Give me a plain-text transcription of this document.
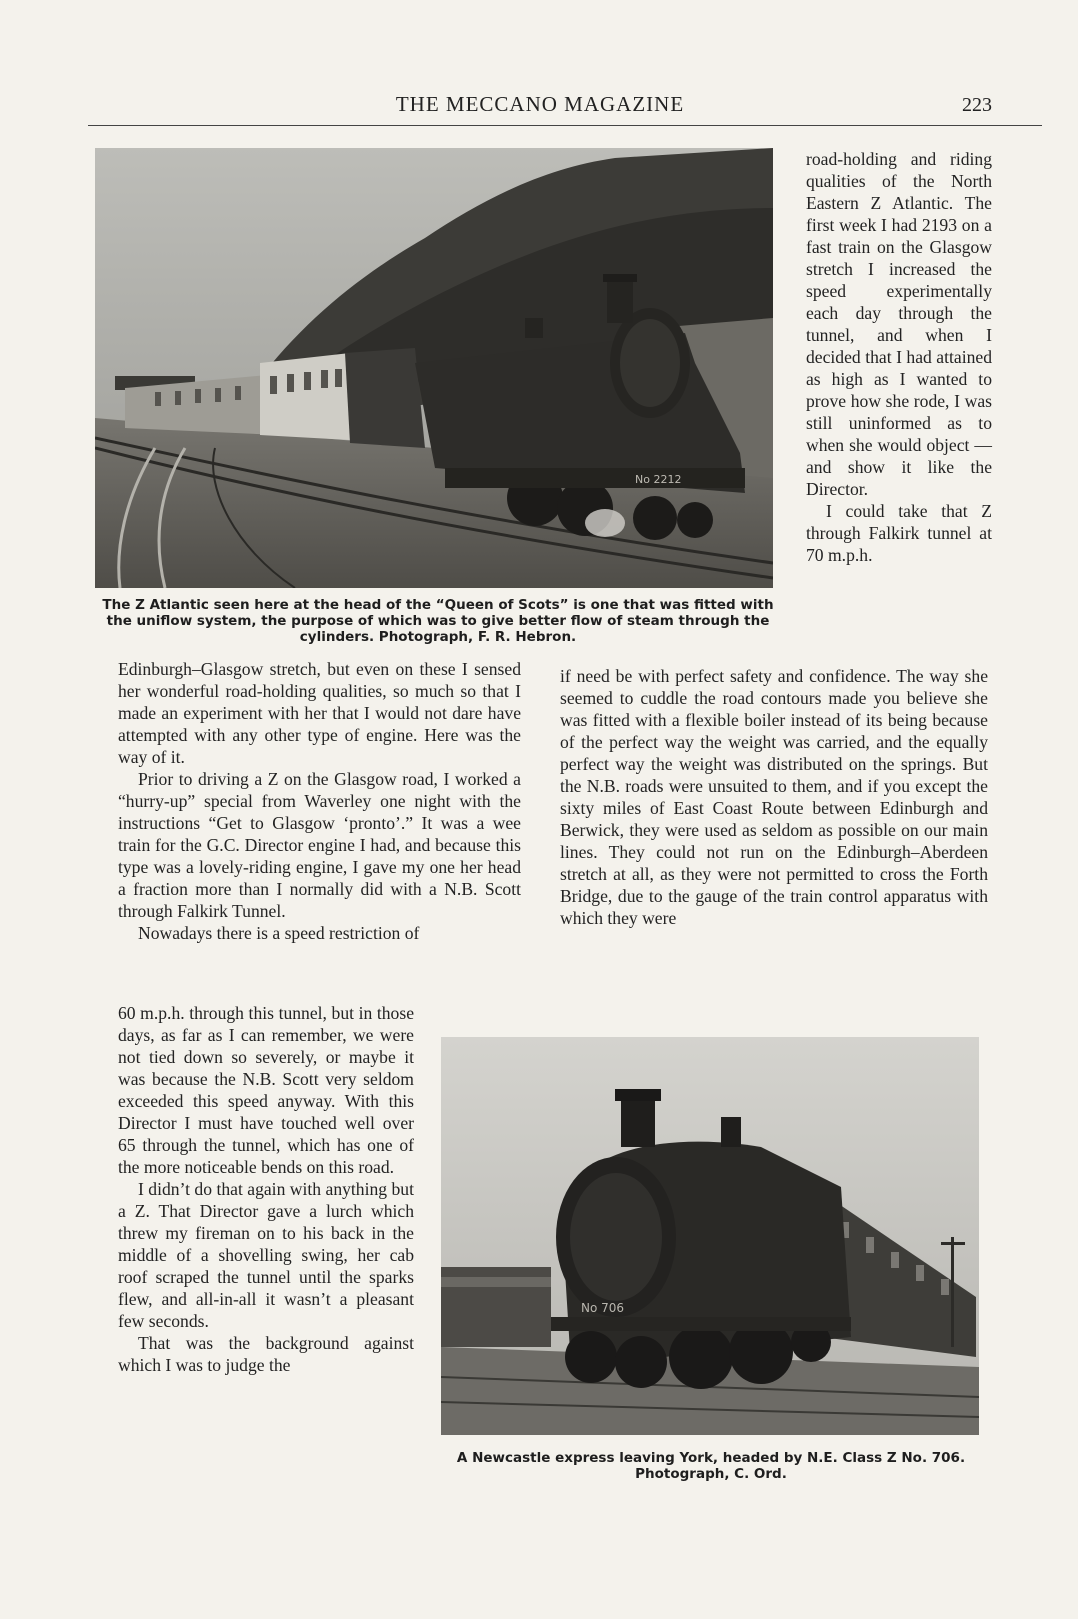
THE MECCANO MAGAZINE	223
No 2212
The Z Atlantic seen here at the head of the “Queen of Scots” is one that was fitted with the uniflow system, the purpose of which was to give better flow of steam through the cylinders. Photograph, F. R. Hebron.

road-holding and riding qualities of the North Eastern Z Atlantic. The first week I had 2193 on a fast train on the Glasgow stretch I increased the speed experimentally each day through the tunnel, and when I decided that I had attained as high as I wanted to prove how she rode, I was still uninformed as to when she would object — and show it like the Director.

I could take that Z through Falkirk tunnel at 70 m.p.h.

Edinburgh–Glasgow stretch, but even on these I sensed her wonderful road-holding qualities, so much so that I made an experiment with her that I would not dare have attempted with any other type of engine. Here was the way of it.

Prior to driving a Z on the Glasgow road, I worked a “hurry-up” special from Waverley one night with the instructions “Get to Glasgow ‘pronto’.” It was a wee train for the G.C. Director engine I had, and because this type was a lovely-riding engine, I gave my one her head a fraction more than I normally did with a N.B. Scott through Falkirk Tunnel.

Nowadays there is a speed restriction of

60 m.p.h. through this tunnel, but in those days, as far as I can remember, we were not tied down so severely, or maybe it was because the N.B. Scott very seldom exceeded this speed anyway. With this Director I must have touched well over 65 through the tunnel, which has one of the more noticeable bends on this road.

I didn’t do that again with anything but a Z. That Director gave a lurch which threw my fireman on to his back in the middle of a shovelling swing, her cab roof scraped the tunnel until the sparks flew, and all-in-all it wasn’t a pleasant few seconds.

That was the background against which I was to judge the

if need be with perfect safety and confidence. The way she seemed to cuddle the road contours made you believe she was fitted with a flexible boiler instead of its being because of the perfect way the weight was carried, and the equally perfect way the weight was distributed on the springs. But the N.B. roads were unsuited to them, and if you except the sixty miles of East Coast Route between Edinburgh and Berwick, they were used as seldom as possible on our main lines. They could not run on the Edinburgh–Aberdeen stretch at all, as they were not permitted to cross the Forth Bridge, due to the gauge of the train control apparatus with which they were

No 706
A Newcastle express leaving York, headed by N.E. Class Z No. 706. Photograph, C. Ord.
